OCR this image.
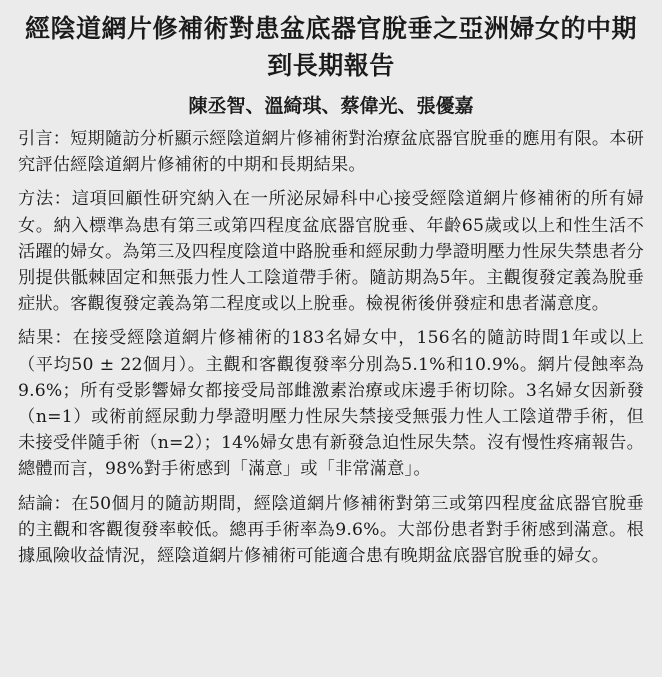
經陰道網片修補術對患盆底器官脫垂之亞洲婦女的中期到長期報告
陳丞智、溫綺琪、蔡偉光、張優嘉

引言：短期隨訪分析顯示經陰道網片修補術對治療盆底器官脫垂的應用有限。本研究評估經陰道網片修補術的中期和長期結果。

方法：這項回顧性研究納入在一所泌尿婦科中心接受經陰道網片修補術的所有婦女。納入標準為患有第三或第四程度盆底器官脫垂、年齡65歲或以上和性生活不活躍的婦女。為第三及四程度陰道中路脫垂和經尿動力學證明壓力性尿失禁患者分別提供骶棘固定和無張力性人工陰道帶手術。隨訪期為5年。主觀復發定義為脫垂症狀。客觀復發定義為第二程度或以上脫垂。檢視術後併發症和患者滿意度。

結果：在接受經陰道網片修補術的183名婦女中，156名的隨訪時間1年或以上（平均50 ± 22個月）。主觀和客觀復發率分別為5.1%和10.9%。網片侵蝕率為9.6%；所有受影響婦女都接受局部雌激素治療或床邊手術切除。3名婦女因新發（n=1）或術前經尿動力學證明壓力性尿失禁接受無張力性人工陰道帶手術，但未接受伴隨手術（n=2）；14%婦女患有新發急迫性尿失禁。沒有慢性疼痛報告。總體而言，98%對手術感到「滿意」或「非常滿意」。

結論：在50個月的隨訪期間，經陰道網片修補術對第三或第四程度盆底器官脫垂的主觀和客觀復發率較低。總再手術率為9.6%。大部份患者對手術感到滿意。根據風險收益情況，經陰道網片修補術可能適合患有晚期盆底器官脫垂的婦女。
